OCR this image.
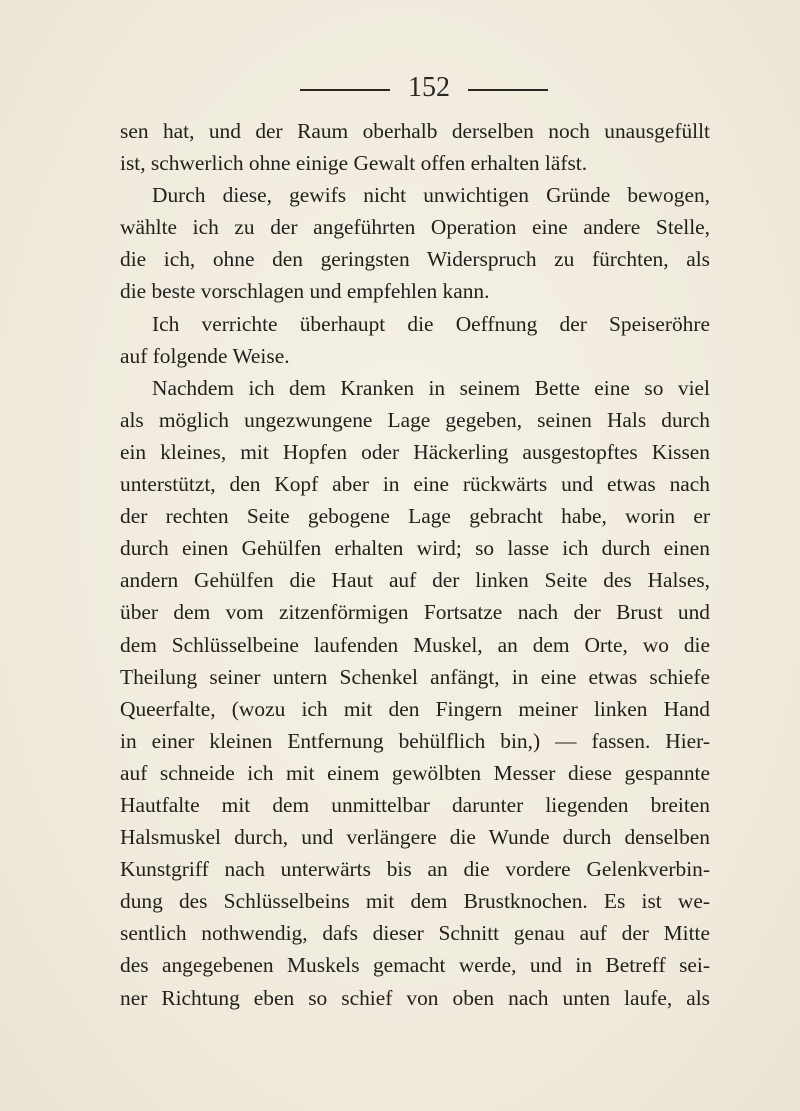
152
sen hat, und der Raum oberhalb derselben noch unausgefüllt
ist, schwerlich ohne einige Gewalt offen erhalten läfst.
Durch diese, gewifs nicht unwichtigen Gründe bewogen,
wählte ich zu der angeführten Operation eine andere Stelle,
die ich, ohne den geringsten Widerspruch zu fürchten, als
die beste vorschlagen und empfehlen kann.
Ich verrichte überhaupt die Oeffnung der Speiseröhre
auf folgende Weise.
Nachdem ich dem Kranken in seinem Bette eine so viel
als möglich ungezwungene Lage gegeben, seinen Hals durch
ein kleines, mit Hopfen oder Häckerling ausgestopftes Kissen
unterstützt, den Kopf aber in eine rückwärts und etwas nach
der rechten Seite gebogene Lage gebracht habe, worin er
durch einen Gehülfen erhalten wird; so lasse ich durch einen
andern Gehülfen die Haut auf der linken Seite des Halses,
über dem vom zitzenförmigen Fortsatze nach der Brust und
dem Schlüsselbeine laufenden Muskel, an dem Orte, wo die
Theilung seiner untern Schenkel anfängt, in eine etwas schiefe
Queerfalte, (wozu ich mit den Fingern meiner linken Hand
in einer kleinen Entfernung behülflich bin,) — fassen. Hier-
auf schneide ich mit einem gewölbten Messer diese gespannte
Hautfalte mit dem unmittelbar darunter liegenden breiten
Halsmuskel durch, und verlängere die Wunde durch denselben
Kunstgriff nach unterwärts bis an die vordere Gelenkverbin-
dung des Schlüsselbeins mit dem Brustknochen. Es ist we-
sentlich nothwendig, dafs dieser Schnitt genau auf der Mitte
des angegebenen Muskels gemacht werde, und in Betreff sei-
ner Richtung eben so schief von oben nach unten laufe, als
